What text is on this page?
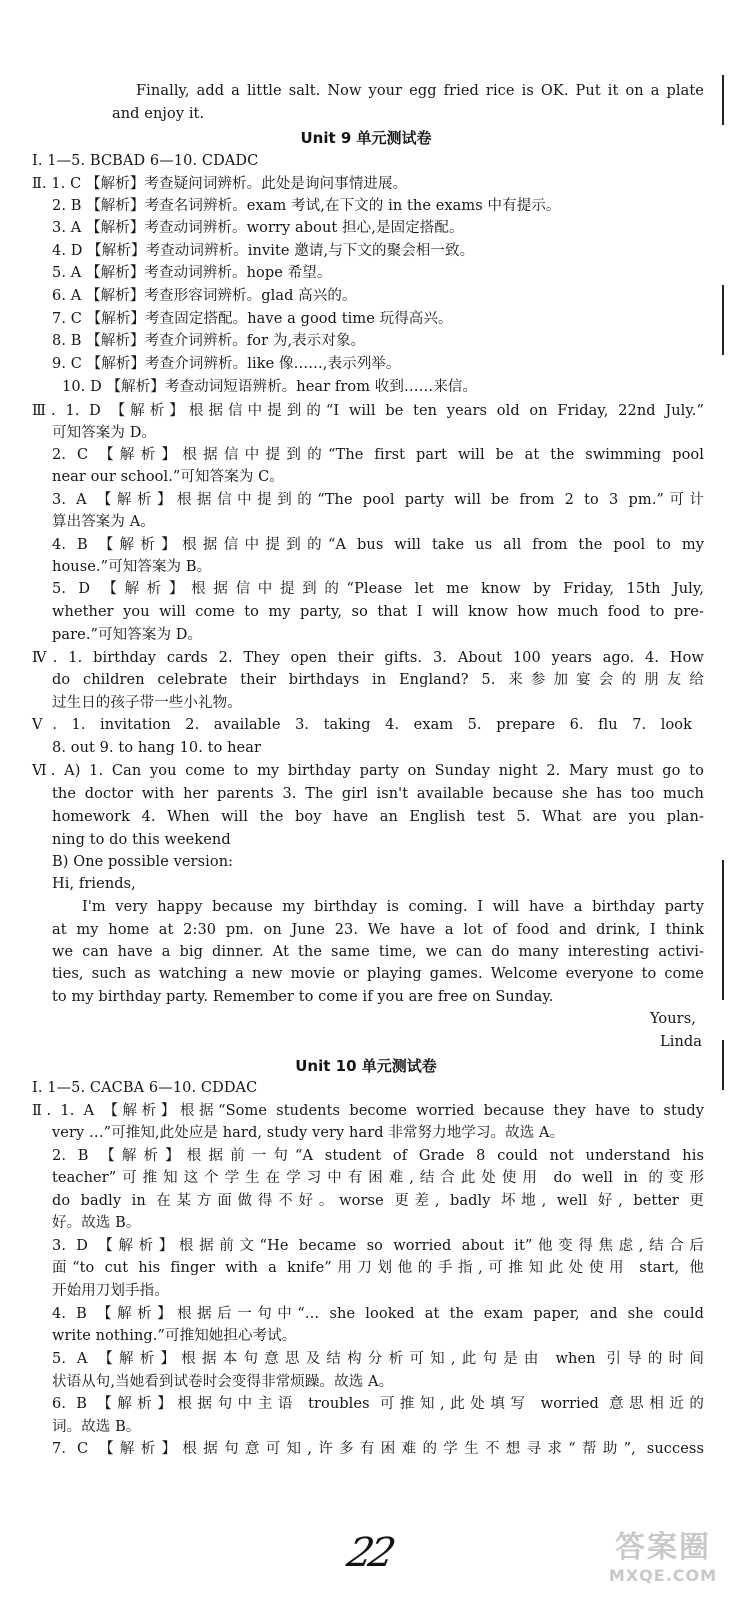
Finally, add a little salt. Now your egg fried rice is OK. Put it on a plate
and enjoy it.
Unit 9 单元测试卷
Ⅰ. 1—5. BCBAD 6—10. CDADC
Ⅱ. 1. C 【解析】考查疑问词辨析。此处是询问事情进展。
2. B 【解析】考查名词辨析。exam 考试,在下文的 in the exams 中有提示。
3. A 【解析】考查动词辨析。worry about 担心,是固定搭配。
4. D 【解析】考查动词辨析。invite 邀请,与下文的聚会相一致。
5. A 【解析】考查动词辨析。hope 希望。
6. A 【解析】考查形容词辨析。glad 高兴的。
7. C 【解析】考查固定搭配。have a good time 玩得高兴。
8. B 【解析】考查介词辨析。for 为,表示对象。
9. C 【解析】考查介词辨析。like 像……,表示列举。
10. D 【解析】考查动词短语辨析。hear from 收到……来信。
Ⅲ. 1. D 【解析】根据信中提到的“I will be ten years old on Friday, 22nd July.”
可知答案为 D。
2. C 【解析】根据信中提到的“The first part will be at the swimming pool
near our school.”可知答案为 C。
3. A 【解析】根据信中提到的“The pool party will be from 2 to 3 pm.”可计
算出答案为 A。
4. B 【解析】根据信中提到的“A bus will take us all from the pool to my
house.”可知答案为 B。
5. D 【解析】根据信中提到的“Please let me know by Friday, 15th July,
whether you will come to my party, so that I will know how much food to pre-
pare.”可知答案为 D。
Ⅳ. 1. birthday cards 2. They open their gifts. 3. About 100 years ago. 4. How
do children celebrate their birthdays in England? 5. 来参加宴会的朋友给
过生日的孩子带一些小礼物。
Ⅴ. 1. invitation 2. available 3. taking 4. exam 5. prepare 6. flu 7. look
8. out 9. to hang 10. to hear
Ⅵ. A) 1. Can you come to my birthday party on Sunday night 2. Mary must go to
the doctor with her parents 3. The girl isn't available because she has too much
homework 4. When will the boy have an English test 5. What are you plan-
ning to do this weekend
B) One possible version:
Hi, friends,
I'm very happy because my birthday is coming. I will have a birthday party
at my home at 2:30 pm. on June 23. We have a lot of food and drink, I think
we can have a big dinner. At the same time, we can do many interesting activi-
ties, such as watching a new movie or playing games. Welcome everyone to come
to my birthday party. Remember to come if you are free on Sunday.
Yours,
Linda
Unit 10 单元测试卷
Ⅰ. 1—5. CACBA 6—10. CDDAC
Ⅱ. 1. A 【解析】根据“Some students become worried because they have to study
very …”可推知,此处应是 hard, study very hard 非常努力地学习。故选 A。
2. B 【解析】根据前一句“A student of Grade 8 could not understand his
teacher”可推知这个学生在学习中有困难,结合此处使用 do well in 的变形
do badly in 在某方面做得不好。worse 更差, badly 坏地, well 好, better 更
好。故选 B。
3. D 【解析】根据前文“He became so worried about it”他变得焦虑,结合后
面“to cut his finger with a knife”用刀划他的手指,可推知此处使用 start, 他
开始用刀划手指。
4. B 【解析】根据后一句中“… she looked at the exam paper, and she could
write nothing.”可推知她担心考试。
5. A 【解析】根据本句意思及结构分析可知,此句是由 when 引导的时间
状语从句,当她看到试卷时会变得非常烦躁。故选 A。
6. B 【解析】根据句中主语 troubles 可推知,此处填写 worried 意思相近的
词。故选 B。
7. C 【解析】根据句意可知,许多有困难的学生不想寻求“帮助”, success
22	答案圈
MXQE.COM
